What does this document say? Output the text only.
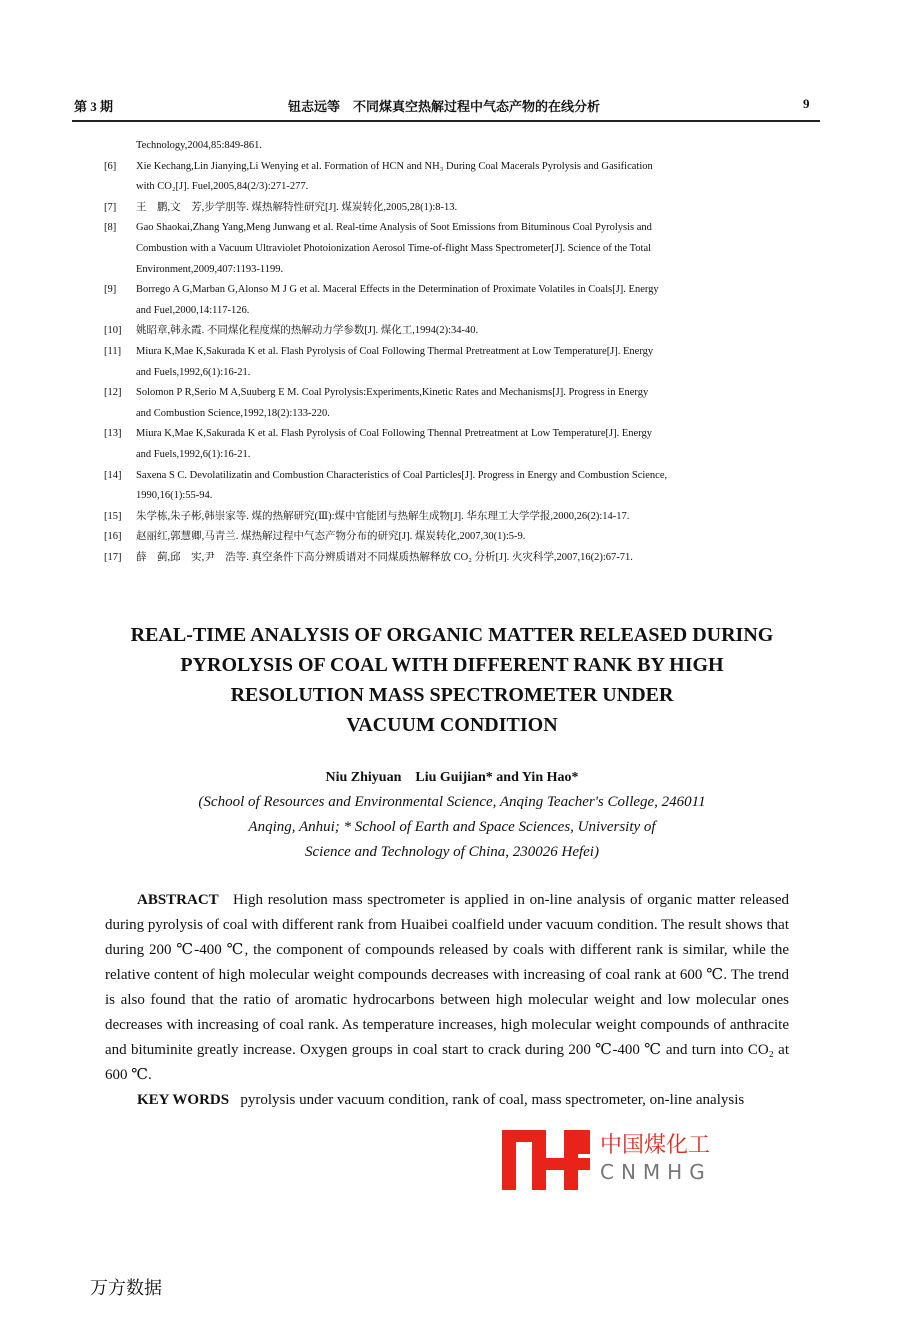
第 3 期	钮志远等　不同煤真空热解过程中气态产物的在线分析	9
Technology,2004,85:849-861.
[6]	Xie Kechang,Lin Jianying,Li Wenying et al. Formation of HCN and NH₃ During Coal Macerals Pyrolysis and Gasification
with CO₂[J]. Fuel,2005,84(2/3):271-277.
[7]	王　鹏,文　芳,步学朋等. 煤热解特性研究[J]. 煤炭转化,2005,28(1):8-13.
[8]	Gao Shaokai,Zhang Yang,Meng Junwang et al. Real-time Analysis of Soot Emissions from Bituminous Coal Pyrolysis and
Combustion with a Vacuum Ultraviolet Photoionization Aerosol Time-of-flight Mass Spectrometer[J]. Science of the Total
Environment,2009,407:1193-1199.
[9]	Borrego A G,Marban G,Alonso M J G et al. Maceral Effects in the Determination of Proximate Volatiles in Coals[J]. Energy
and Fuel,2000,14:117-126.
[10]	姚昭章,韩永霞. 不同煤化程度煤的热解动力学参数[J]. 煤化工,1994(2):34-40.
[11]	Miura K,Mae K,Sakurada K et al. Flash Pyrolysis of Coal Following Thermal Pretreatment at Low Temperature[J]. Energy
and Fuels,1992,6(1):16-21.
[12]	Solomon P R,Serio M A,Suuberg E M. Coal Pyrolysis:Experiments,Kinetic Rates and Mechanisms[J]. Progress in Energy
and Combustion Science,1992,18(2):133-220.
[13]	Miura K,Mae K,Sakurada K et al. Flash Pyrolysis of Coal Following Thennal Pretreatment at Low Temperature[J]. Energy
and Fuels,1992,6(1):16-21.
[14]	Saxena S C. Devolatilizatin and Combustion Characteristics of Coal Particles[J]. Progress in Energy and Combustion Science,
1990,16(1):55-94.
[15]	朱学栋,朱子彬,韩崇家等. 煤的热解研究(Ⅲ):煤中官能团与热解生成物[J]. 华东理工大学学报,2000,26(2):14-17.
[16]	赵丽红,郭慧卿,马青兰. 煤热解过程中气态产物分布的研究[J]. 煤炭转化,2007,30(1):5-9.
[17]	薛　蓟,邱　实,尹　浩等. 真空条件下高分辨质谱对不同煤质热解释放 CO₂ 分析[J]. 火灾科学,2007,16(2):67-71.
REAL-TIME ANALYSIS OF ORGANIC MATTER RELEASED DURING
PYROLYSIS OF COAL WITH DIFFERENT RANK BY HIGH
RESOLUTION MASS SPECTROMETER UNDER
VACUUM CONDITION
Niu Zhiyuan　Liu Guijian* and Yin Hao*
(School of Resources and Environmental Science, Anqing Teacher's College, 246011
Anqing, Anhui; * School of Earth and Space Sciences, University of
Science and Technology of China, 230026 Hefei)

ABSTRACT High resolution mass spectrometer is applied in on-line analysis of organic matter released during pyrolysis of coal with different rank from Huaibei coalfield under vacuum condition. The result shows that during 200 ℃-400 ℃, the component of compounds released by coals with different rank is similar, while the relative content of high molecular weight compounds decreases with increasing of coal rank at 600 ℃. The trend is also found that the ratio of aromatic hydrocarbons between high molecular weight and low molecular ones decreases with increasing of coal rank. As temperature increases, high molecular weight compounds of anthracite and bituminite greatly increase. Oxygen groups in coal start to crack during 200 ℃-400 ℃ and turn into CO₂ at 600 ℃.

KEY WORDS pyrolysis under vacuum condition, rank of coal, mass spectrometer, on-line analysis

中国煤化工
CNMHG
万方数据
